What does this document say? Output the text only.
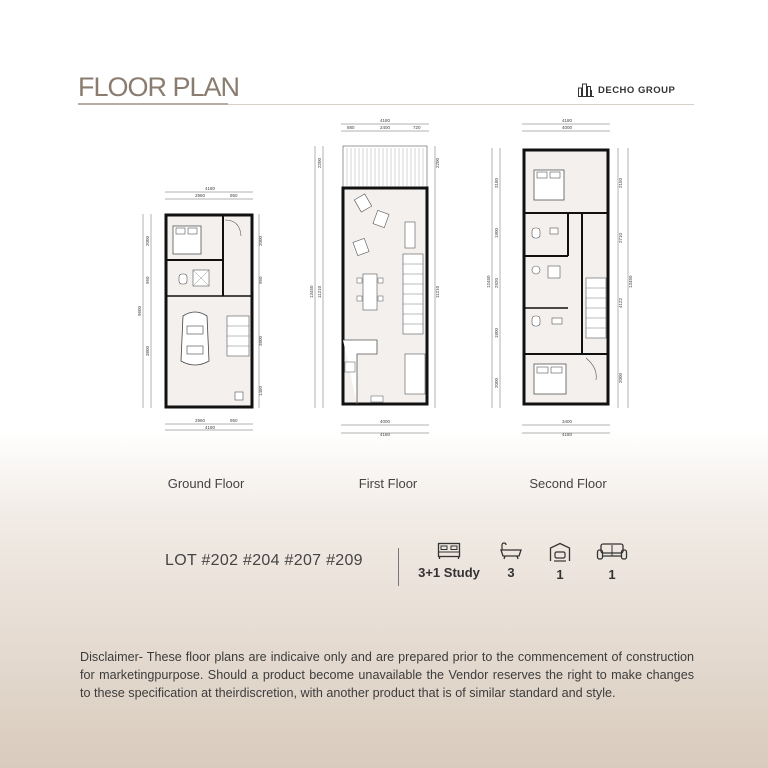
FLOOR PLAN	DECHO GROUP
4180
2960	950
2960	950
4180
9600
2000
950
3800
2000
950
3800
1450
4180
880	2400	720
13450
2200
11210
2200
11210
4000
4180
4180
4000
12450
3180
1900
2920
1800
2000
2150
2710
4122
2000
13450
3400
4180
Ground Floor	First Floor	Second Floor
LOT #202 #204 #207 #209
3+1 Study	3	1	1
Disclaimer- These floor plans are indicaive only and are prepared prior to the commencement of construction for marketingpurpose. Should a product become unavailable the Vendor reserves the right to make changes to these specification at theirdiscretion, with another product that is of similar standard and style.
